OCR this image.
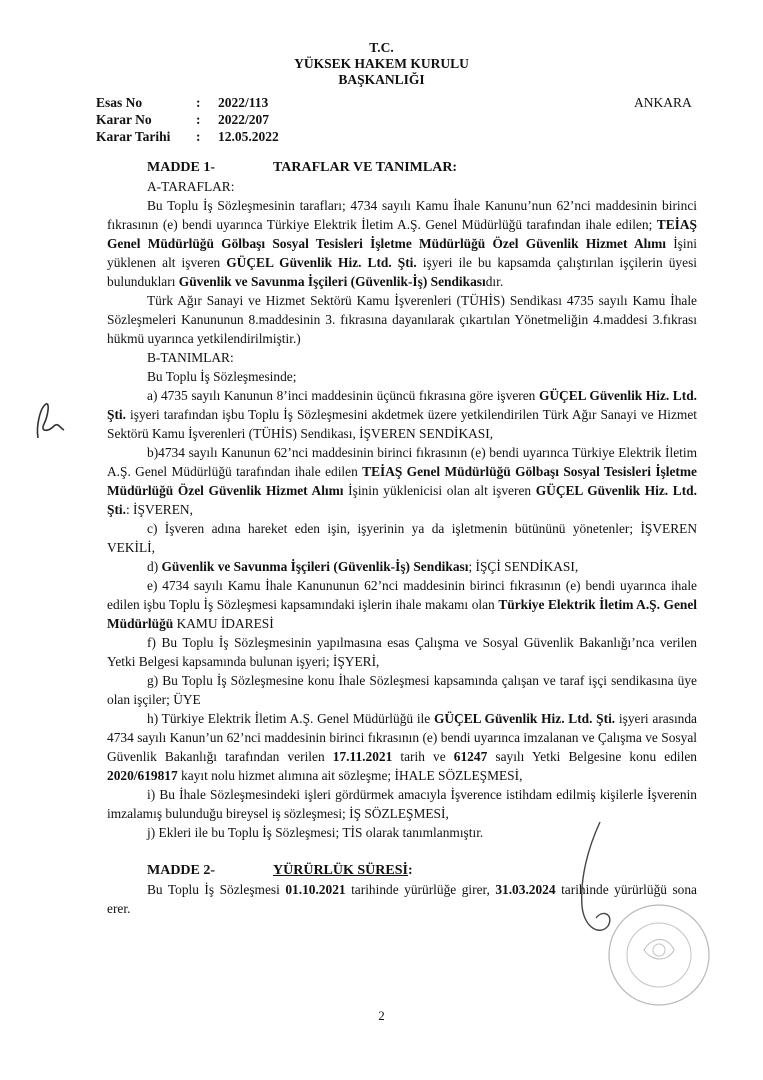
T.C.
YÜKSEK HAKEM KURULU
BAŞKANLIĞI
Esas No	:	2022/113
Karar No	:	2022/207
Karar Tarihi	:	12.05.2022
ANKARA

MADDE 1-	TARAFLAR VE TANIMLAR:

A-TARAFLAR:

Bu Toplu İş Sözleşmesinin tarafları; 4734 sayılı Kamu İhale Kanunu’nun 62’nci maddesinin birinci fıkrasının (e) bendi uyarınca Türkiye Elektrik İletim A.Ş. Genel Müdürlüğü tarafından ihale edilen; TEİAŞ Genel Müdürlüğü Gölbaşı Sosyal Tesisleri İşletme Müdürlüğü Özel Güvenlik Hizmet Alımı İşini yüklenen alt işveren GÜÇEL Güvenlik Hiz. Ltd. Şti. işyeri ile bu kapsamda çalıştırılan işçilerin üyesi bulundukları Güvenlik ve Savunma İşçileri (Güvenlik-İş) Sendikasıdır.

Türk Ağır Sanayi ve Hizmet Sektörü Kamu İşverenleri (TÜHİS) Sendikası 4735 sayılı Kamu İhale Sözleşmeleri Kanununun 8.maddesinin 3. fıkrasına dayanılarak çıkartılan Yönetmeliğin 4.maddesi 3.fıkrası hükmü uyarınca yetkilendirilmiştir.)

B-TANIMLAR:

Bu Toplu İş Sözleşmesinde;

a) 4735 sayılı Kanunun 8’inci maddesinin üçüncü fıkrasına göre işveren GÜÇEL Güvenlik Hiz. Ltd. Şti. işyeri tarafından işbu Toplu İş Sözleşmesini akdetmek üzere yetkilendirilen Türk Ağır Sanayi ve Hizmet Sektörü Kamu İşverenleri (TÜHİS) Sendikası, İŞVEREN SENDİKASI,

b)4734 sayılı Kanunun 62’nci maddesinin birinci fıkrasının (e) bendi uyarınca Türkiye Elektrik İletim A.Ş. Genel Müdürlüğü tarafından ihale edilen TEİAŞ Genel Müdürlüğü Gölbaşı Sosyal Tesisleri İşletme Müdürlüğü Özel Güvenlik Hizmet Alımı İşinin yüklenicisi olan alt işveren GÜÇEL Güvenlik Hiz. Ltd. Şti.: İŞVEREN,

c) İşveren adına hareket eden işin, işyerinin ya da işletmenin bütününü yönetenler; İŞVEREN VEKİLİ,

d) Güvenlik ve Savunma İşçileri (Güvenlik-İş) Sendikası; İŞÇİ SENDİKASI,

e) 4734 sayılı Kamu İhale Kanununun 62’nci maddesinin birinci fıkrasının (e) bendi uyarınca ihale edilen işbu Toplu İş Sözleşmesi kapsamındaki işlerin ihale makamı olan Türkiye Elektrik İletim A.Ş. Genel Müdürlüğü KAMU İDARESİ

f) Bu Toplu İş Sözleşmesinin yapılmasına esas Çalışma ve Sosyal Güvenlik Bakanlığı’nca verilen Yetki Belgesi kapsamında bulunan işyeri; İŞYERİ,

g) Bu Toplu İş Sözleşmesine konu İhale Sözleşmesi kapsamında çalışan ve taraf işçi sendikasına üye olan işçiler; ÜYE

h) Türkiye Elektrik İletim A.Ş. Genel Müdürlüğü ile GÜÇEL Güvenlik Hiz. Ltd. Şti. işyeri arasında 4734 sayılı Kanun’un 62’nci maddesinin birinci fıkrasının (e) bendi uyarınca imzalanan ve Çalışma ve Sosyal Güvenlik Bakanlığı tarafından verilen 17.11.2021 tarih ve 61247 sayılı Yetki Belgesine konu edilen 2020/619817 kayıt nolu hizmet alımına ait sözleşme; İHALE SÖZLEŞMESİ,

i) Bu İhale Sözleşmesindeki işleri gördürmek amacıyla İşverence istihdam edilmiş kişilerle İşverenin imzalamış bulunduğu bireysel iş sözleşmesi; İŞ SÖZLEŞMESİ,

j) Ekleri ile bu Toplu İş Sözleşmesi; TİS olarak tanımlanmıştır.

MADDE 2-	YÜRÜRLÜK SÜRESİ:

Bu Toplu İş Sözleşmesi 01.10.2021 tarihinde yürürlüğe girer, 31.03.2024 tarihinde yürürlüğü sona erer.

2
